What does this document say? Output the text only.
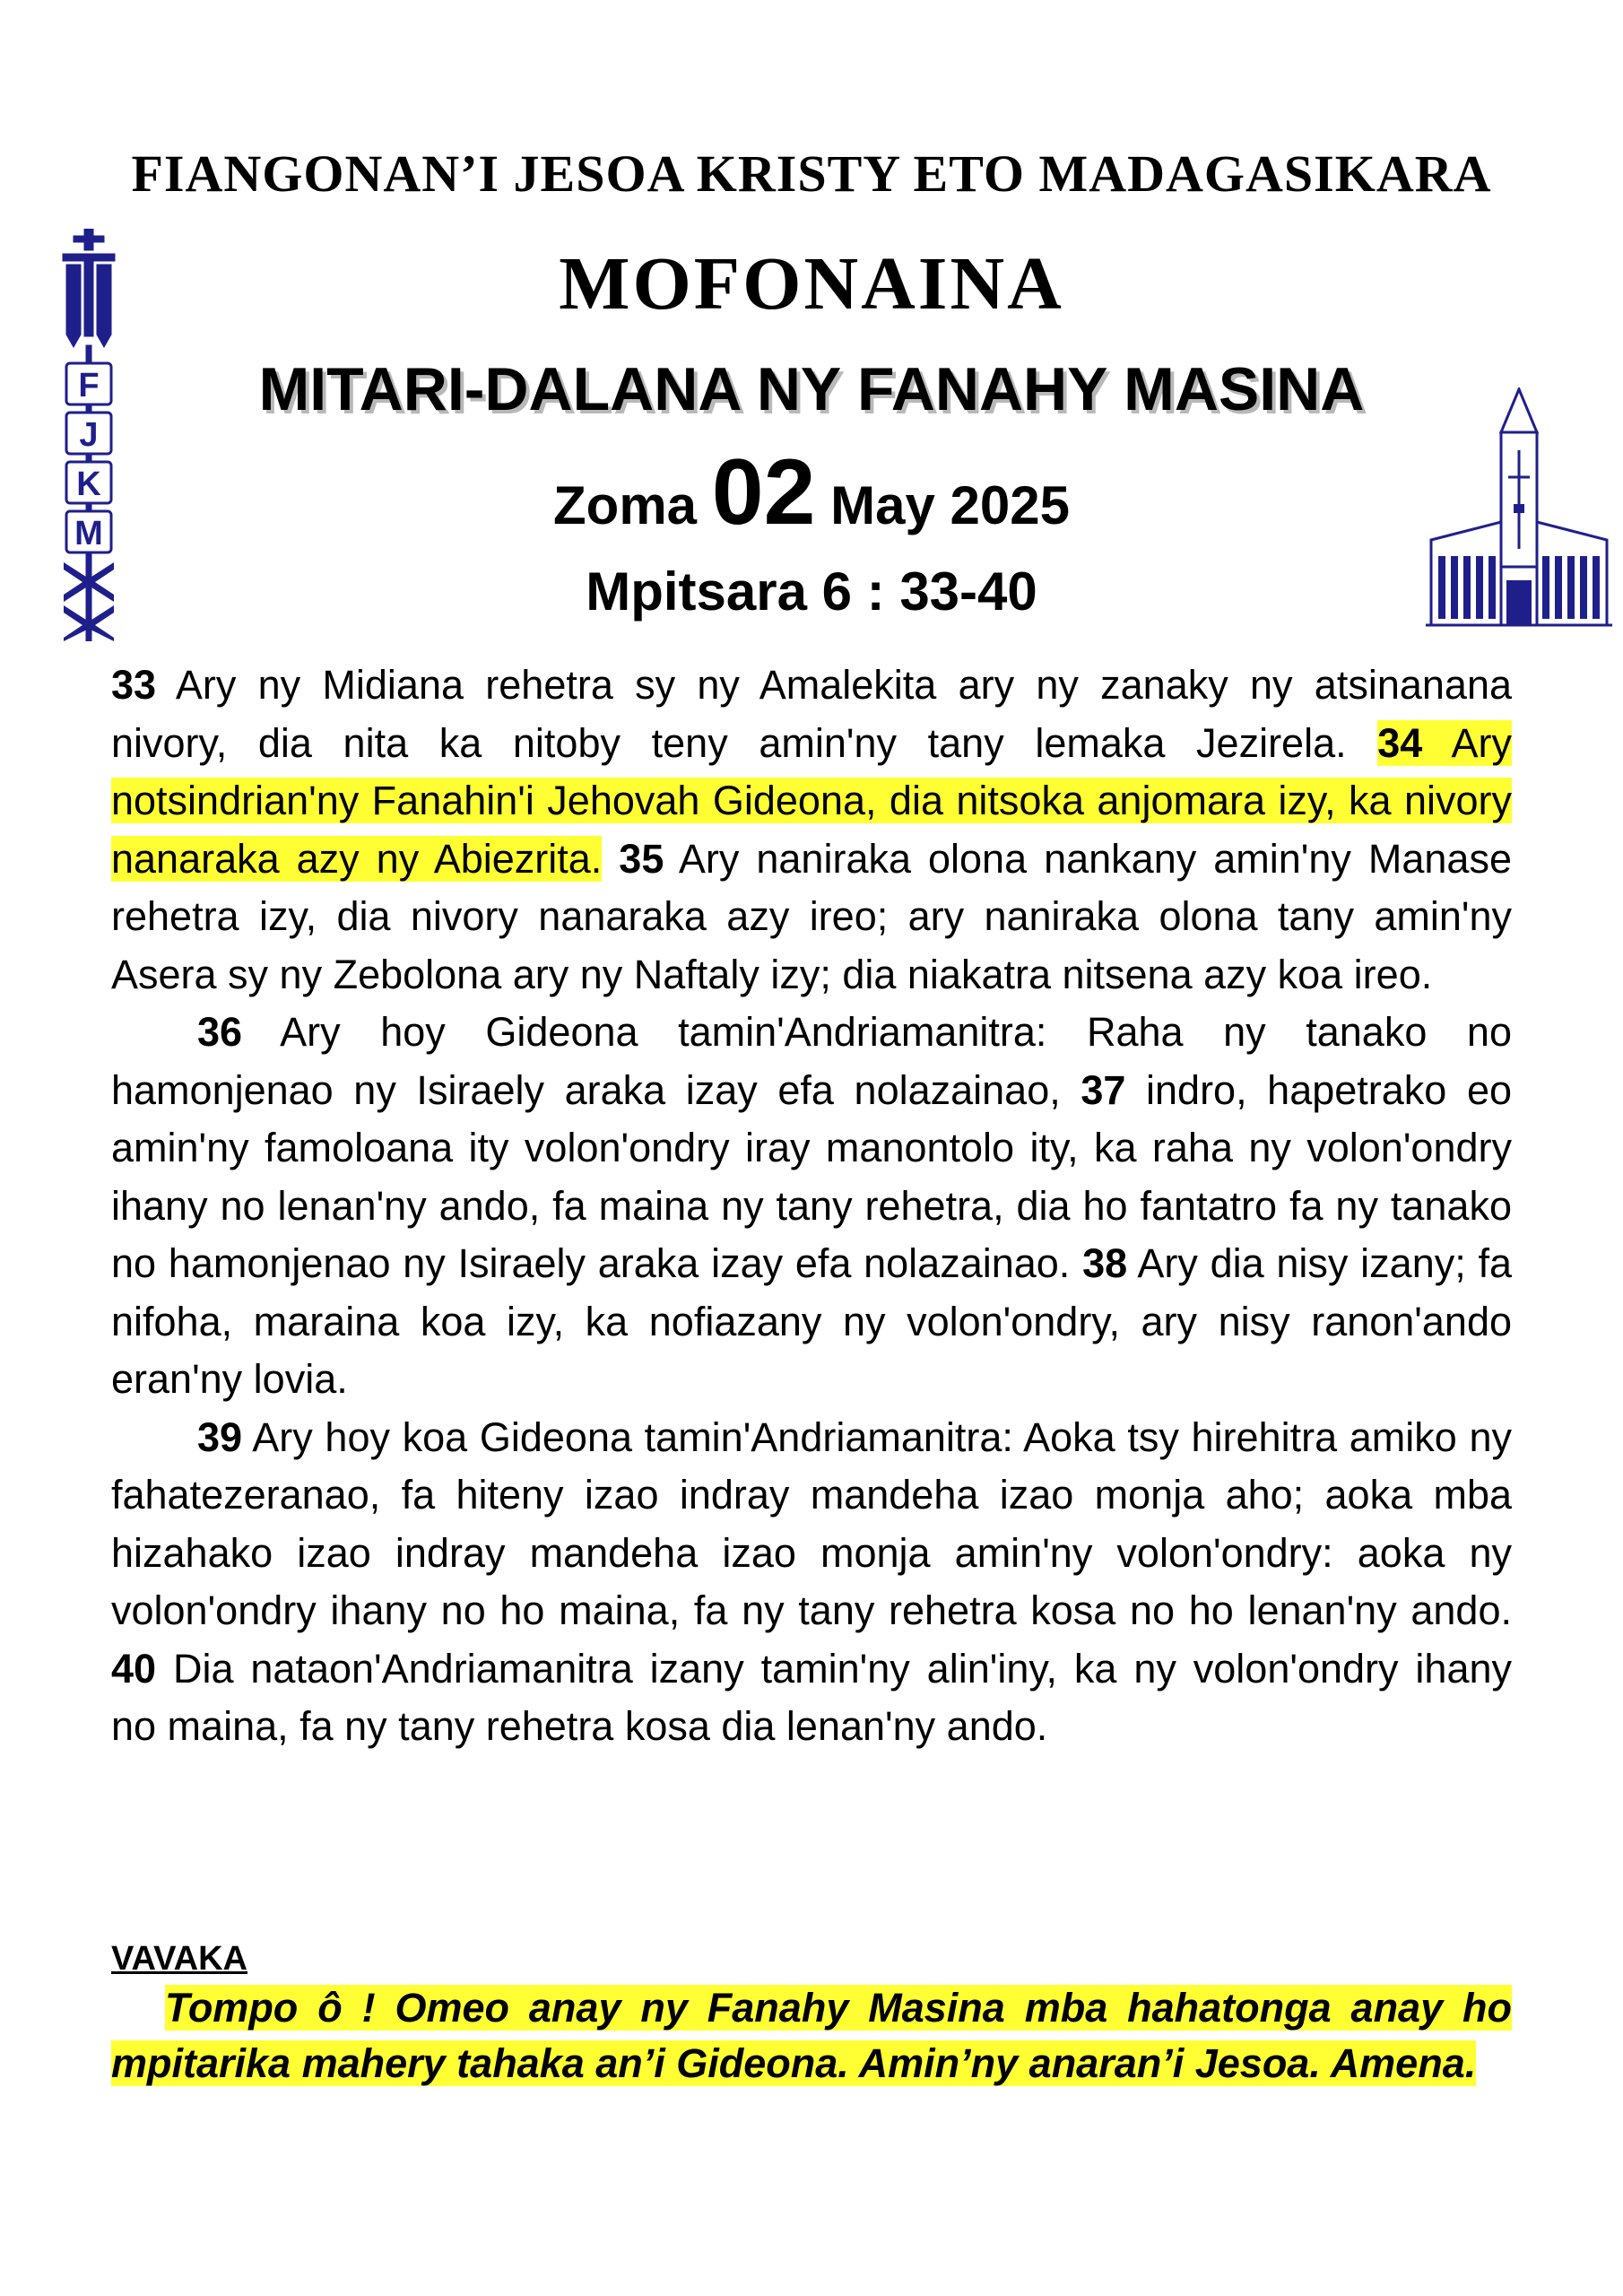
FIANGONAN’I JESOA KRISTY ETO MADAGASIKARA
MOFONAINA
MITARI-DALANA NY FANAHY MASINA
Zoma 02 May 2025
Mpitsara 6 : 33-40
F
J
K
M

33 Ary ny Midiana rehetra sy ny Amalekita ary ny zanaky ny atsinanana nivory, dia nita ka nitoby teny amin'ny tany lemaka Jezirela. 34 Ary notsindrian'ny Fanahin'i Jehovah Gideona, dia nitsoka anjomara izy, ka nivory nanaraka azy ny Abiezrita. 35 Ary naniraka olona nankany amin'ny Manase rehetra izy, dia nivory nanaraka azy ireo; ary naniraka olona tany amin'ny Asera sy ny Zebolona ary ny Naftaly izy; dia niakatra nitsena azy koa ireo.

36 Ary hoy Gideona tamin'Andriamanitra: Raha ny tanako no hamonjenao ny Isiraely araka izay efa nolazainao, 37 indro, hapetrako eo amin'ny famoloana ity volon'ondry iray manontolo ity, ka raha ny volon'ondry ihany no lenan'ny ando, fa maina ny tany rehetra, dia ho fantatro fa ny tanako no hamonjenao ny Isiraely araka izay efa nolazainao. 38 Ary dia nisy izany; fa nifoha, maraina koa izy, ka nofiazany ny volon'ondry, ary nisy ranon'ando eran'ny lovia.

39 Ary hoy koa Gideona tamin'Andriamanitra: Aoka tsy hirehitra amiko ny fahatezeranao, fa hiteny izao indray mandeha izao monja aho; aoka mba hizahako izao indray mandeha izao monja amin'ny volon'ondry: aoka ny volon'ondry ihany no ho maina, fa ny tany rehetra kosa no ho lenan'ny ando. 40 Dia nataon'Andriamanitra izany tamin'ny alin'iny, ka ny volon'ondry ihany no maina, fa ny tany rehetra kosa dia lenan'ny ando.

VAVAKA

Tompo ô ! Omeo anay ny Fanahy Masina mba hahatonga anay ho mpitarika mahery tahaka an’i Gideona. Amin’ny anaran’i Jesoa. Amena.
